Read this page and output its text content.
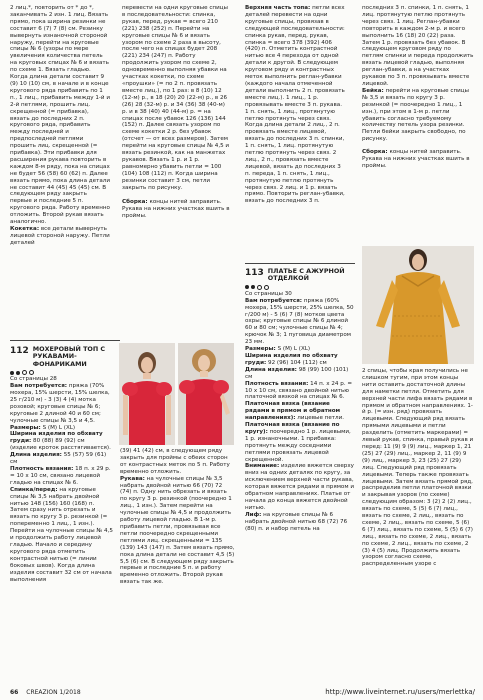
2 лиц.*, повторить от * до *, заканчивать 2 изн. 1 лиц. Вязать прямо, пока ширина резинки не составит 6 (7) 7 (8) см. Резинку вывернуть изнаночной стороной наружу, перейти на круговые спицы № 6 (узоры по мере увеличения количества петель на круговых спицах № 6 и вязать по схеме 1. Вязать гладью. Когда длина детали составит 9 (9) 10 (10) см, в начале и в конце кругового ряда прибавить по 1 п., 1 лиц., прибавить между 1-й и 2-й петлями, прошить лиц. скрещенной (= прибавка), вязать до последних 2 п. кругового ряда, прибавить между последней и предпоследней петлями прошить лиц. скрещенной (= прибавка). Эти прибавки для расширения рукава повторить в каждом 8-м ряду, пока на спицах не будет 56 (58) 60 (62) п. Далее вязать прямо, пока длина детали не составит 44 (45) 45 (45) см. В следующем ряду закрыть первые и последние 5 п. кругового ряда. Работу временно отложить. Второй рукав вязать аналогично.

Кокетка: все детали вывернуть лицевой стороной наружу. Петли деталей

перевести на одни круговые спицы в последовательности: спинка, рукав, перед, рукав = всего 210 (221) 238 (252) п. Перейти на круговые спицы № 6 и вязать узором по схеме 2 раза в высоту, после чего на спицах будет 208 (221) 234 (247) п. Работу продолжить узором по схеме 2, одновременно выполняя убавки на участках кокетки, по схеме «проушки» (= по 2 п. провязать вместе лиц.), по 1 раз: в 8 (10) 12 (12-м) р., в 18 (20) 20 (22-м) р., в 26 (26) 28 (32-м) р. и 34 (36) 38 (40-м) р. и в 38 (40) 40 (44-м) р. = на спицах после убавок 126 (136) 144 (152) п. Далее связать узором по схеме кокетки 2 р. без убавок (отсчет — от всех размеров). Затем перейти на круговые спицы № 4,5 и вязать резинкой, как на манжетах рукавов. Вязать 1 р. и 1 р. равномерно убавить петли = 100 (104) 108 (112) п. Когда ширина резинки составит 3 см, петли закрыть по рисунку.

Сборка: концы нитей заправить. Рукава на нижних участках вшить в проймы.

Верхняя часть топа: петли всех деталей перевести на одни круговые спицы, провязав в следующей последовательности: спинка рукав, перед, рукав, спинка = всего 378 (392) 406 (420) п. Отметить контрастной нитью все 4 перехода от одной детали к другой. В следующем круговом ряду и контрастных меток выполнить реглан-убавки (каждого начала отмеченной детали выполнить 2 п. провязать вместе лиц.). 1 лиц., 1 р. провязывать вместе 3 п. рукава. 1 п. снять, 1 лиц., протянутую петлю протянуть через связ. Когда длина детали 2 лиц., 2 п. провязать вместе лицевой, вязать до последних 3 п. спинки, 1 п. снять, 1 лиц. протянутую петлю протянуть через связ. 2 лиц., 2 п., провязать вместе лицевой, вязать до последних 3 п. переда, 1 п. снять, 1 лиц., протянутую петлю протянуть через связ. 2 лиц. и 1 р. вязать прямо. Повторить реглан-убавки, вязать до последних 3 п.

последних 3 п. спинки, 1 п. снять, 1 лиц. протянутую петлю протянуть через связ. 1 лиц. Реглан-убавки повторить в каждом 2-м р. и всего выполнить 16 (18) 20 (22) раза. Затем 1 р. провязать без убавок. В следующем круговом ряду по петлям спинки и переда продолжить вязать лицевой гладью, выполняя реглан-убавки, а на участках рукавов по 3 п. провязывать вместе лицевой.

Бейка: перейти на круговые спицы № 3,5 и вязать по кругу 3 р. резинкой (= поочередно 1 лиц., 1 изн.), при этом в 1-м р. петли убавить согласно требуемому количеству петель узора резинки. Петли бейки закрыть свободно, по рисунку.

Сборка: концы нитей заправить. Рукава на нижних участках вшить в проймы.

112 МОХЕРОВЫЙ ТОП С РУКАВАМИ-ФОНАРИКАМИ

Со страницы 28

Вам потребуется: пряжа (70% мохера, 15% шерсти, 15% шелка, 25 г/210 м) - 3 (3) 4 (4) мотка розовой; круговые спицы № 6; круговые 2 длиной 40 и 60 см; чулочные спицы № 3,5 и 4,5.

Размеры: S (M) L (XL)

Ширина изделия по обхвату груди: 80 (88) 89 (92) см (изделие кроток расстягивается).

Длина изделия: 55 (57) 59 (61) см

Плотность вязания: 18 п. х 29 р. = 10 х 10 см, связано лицевой гладью на спицах № 6.

Спинка/перед: на круговые спицы № 3,5 набрать двойной нитью 148 (156) 160 (168) п. Затем сразу нить отрезать и вязать по кругу 3 р. резинкой (= попеременно 1 лиц., 1 изн.). Перейти на чулочные спицы № 4,5 и продолжить работу лицевой гладью. Начало и середину кругового ряда отметить контрастной нитью (= линии боковых швов). Когда длина изделия составит 32 см от начала выполнения

(39) 41 (42) см, в следующем ряду закрыть для проймы с обеих сторон от контрастных меток по 5 п. Работу временно отложить.

Рукава: на чулочные спицы № 3,5 набрать двойной нитью 66 (70) 72 (74) п. Одну нить обрезать и вязать по кругу 3 р. резинкой (поочередно 1 лиц., 1 изн.). Затем перейти на чулочные спицы № 4,5 и продолжить работу лицевой гладью. В 1-м р. прибавить петли, провязывая все петли поочередно скрещенными петлями лиц. скрещенными = 135 (139) 143 (147) п. Затем вязать прямо, пока длина детали не составит 4,5 (5) 5,5 (6) см. В следующем ряду закрыть первые и последние 5 п. и работу временно отложить. Второй рукав вязать так же.

113 ПЛАТЬЕ С АЖУРНОЙ ОТДЕЛКОЙ

Со страницы 30

Вам потребуется: пряжа (60% мохера, 15% шерсти, 25% шелка, 50 г/200 м) - 5 (6) 7 (8) мотков цвета охры; круговые спицы № 6 длиной 60 и 80 см; чулочные спицы № 4; крючок № 3; 1 пуговица диаметром 23 мм.

Размеры: S (M) L (XL)

Ширина изделия по обхвату груди: 92 (96) 104 (112) см

Длина изделия: 98 (99) 100 (101) см

Плотность вязания: 14 п. х 24 р. = 10 х 10 см, связано двойной нитью платочной вязкой на спицах № 6.

Платочная вязка (вязание рядами в прямом и обратном направлениях): лицевые петли.

Платочная вязка (вязание по кругу): поочередно 1 р. лицевыми, 1 р. изнаночными. 1 прибавка: протянуть между соседними петлями провязать лицевой скрещенной.

Внимание: изделие вяжется сверху вниз на одних деталях по кругу, за исключением верхней части рукава, которая вяжется рядами в прямом и обратном направлениях. Платье от начала до конца вяжется двойной нитью.

Лиф: на круговые спицы № 6 набрать двойной нитью 68 (72) 76 (80) п. и набор петель на

2 спицы, чтобы края получились не слишком тугим, при этом концы нити оставить достаточной длины для наметки петли. Отметить для верхней части лифа вязать рядами в прямом и обратном направлениях. 1-й р. (= изн. ряд) провязать лицевыми. Следующий ряд вязать прямыми лицевыми и петли разделить (отметить маркерами) = левый рукав, спинка, правый рукав и перед: 11 (9) 9 (9) лиц., маркер 1, 21 (25) 27 (29) лиц., маркер 2, 11 (9) 9 (9) лиц., маркер 3, 23 (25) 27 (29) лиц. Следующий ряд провязать лицевыми. Теперь также провязать лицевыми. Затем вязать прямой ряд, распределив петли платочной вязки и закрывая узоров (по схеме) следующим образом: 3 (2) 2 (2) лиц., вязать по схеме, 5 (5) 6 (7) лиц., вязать по схеме, 2 лиц., вязать по схеме, 2 лиц., вязать по схеме, 5 (6) 6 (7) лиц., вязать по схеме, 5 (5) 6 (7) лиц., вязать по схеме, 2 лиц., вязать по схеме, 2 лиц., вязать по схеме, 2 (3) 4 (5) лиц. Продолжить вязать узором согласно схеме, распределенным узоре с

66 CREAZION 1/2018	http://www.liveinternet.ru/users/merlettka/
